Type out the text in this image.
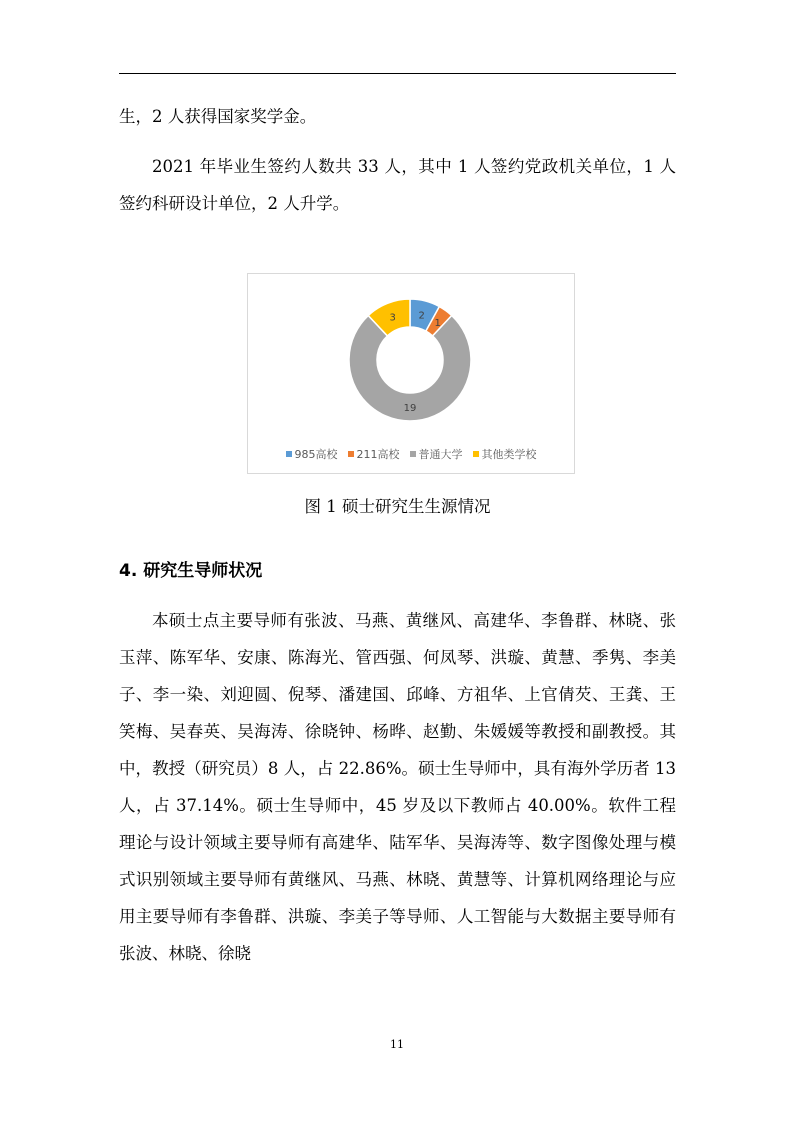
生，2 人获得国家奖学金。

2021 年毕业生签约人数共 33 人，其中 1 人签约党政机关单位，1 人签约科研设计单位，2 人升学。

2
1
19
3
985高校 211高校 普通大学 其他类学校
图 1 硕士研究生生源情况
4. 研究生导师状况

本硕士点主要导师有张波、马燕、黄继风、高建华、李鲁群、林晓、张玉萍、陈军华、安康、陈海光、管西强、何凤琴、洪璇、黄慧、季隽、李美子、李一染、刘迎圆、倪琴、潘建国、邱峰、方祖华、上官倩芡、王龚、王笑梅、吴春英、吴海涛、徐晓钟、杨晔、赵勤、朱媛媛等教授和副教授。其中，教授（研究员）8 人，占 22.86%。硕士生导师中，具有海外学历者 13 人，占 37.14%。硕士生导师中，45 岁及以下教师占 40.00%。软件工程理论与设计领域主要导师有高建华、陆军华、吴海涛等、数字图像处理与模式识别领域主要导师有黄继风、马燕、林晓、黄慧等、计算机网络理论与应用主要导师有李鲁群、洪璇、李美子等导师、人工智能与大数据主要导师有张波、林晓、徐晓

11
